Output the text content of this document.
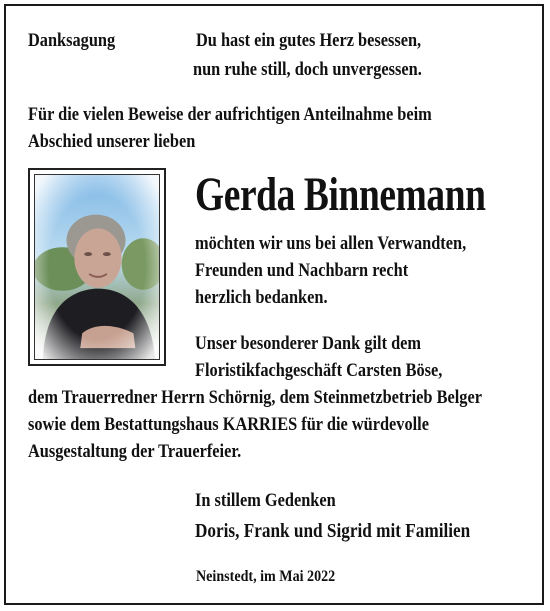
Danksagung	Du hast ein gutes Herz besessen,
nun ruhe still, doch unvergessen.
Für die vielen Beweise der aufrichtigen Anteilnahme beim
Abschied unserer lieben
Gerda Binnemann
möchten wir uns bei allen Verwandten,
Freunden und Nachbarn recht
herzlich bedanken.
Unser besonderer Dank gilt dem
Floristikfachgeschäft Carsten Böse,
dem Trauerredner Herrn Schörnig, dem Steinmetzbetrieb Belger
sowie dem Bestattungshaus KARRIES für die würdevolle
Ausgestaltung der Trauerfeier.
In stillem Gedenken
Doris, Frank und Sigrid mit Familien
Neinstedt, im Mai 2022
